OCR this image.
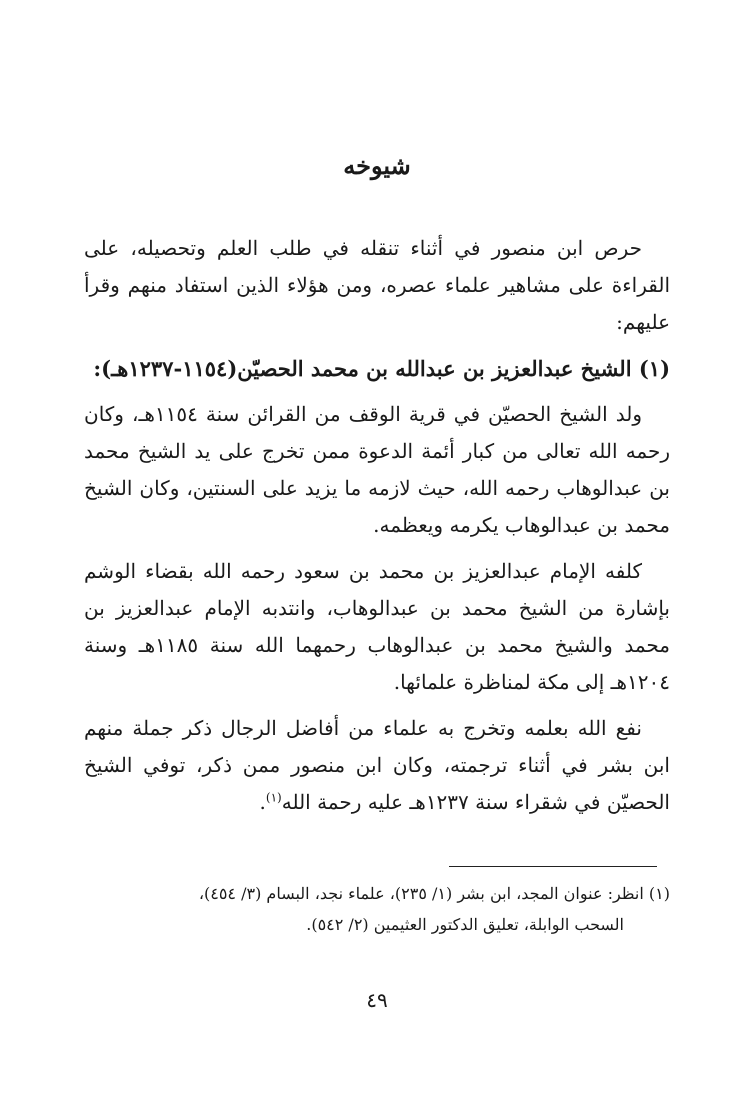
شيوخه

حرص ابن منصور في أثناء تنقله في طلب العلم وتحصيله، على القراءة على مشاهير علماء عصره، ومن هؤلاء الذين استفاد منهم وقرأ عليهم:

(١) الشيخ عبدالعزيز بن عبدالله بن محمد الحصيّن(١١٥٤-١٢٣٧هـ):

ولد الشيخ الحصيّن في قرية الوقف من القرائن سنة ١١٥٤هـ، وكان رحمه الله تعالى من كبار أئمة الدعوة ممن تخرج على يد الشيخ محمد بن عبدالوهاب رحمه الله، حيث لازمه ما يزيد على السنتين، وكان الشيخ محمد بن عبدالوهاب يكرمه ويعظمه.

كلفه الإمام عبدالعزيز بن محمد بن سعود رحمه الله بقضاء الوشم بإشارة من الشيخ محمد بن عبدالوهاب، وانتدبه الإمام عبدالعزيز بن محمد والشيخ محمد بن عبدالوهاب رحمهما الله سنة ١١٨٥هـ وسنة ١٢٠٤هـ إلى مكة لمناظرة علمائها.

نفع الله بعلمه وتخرج به علماء من أفاضل الرجال ذكر جملة منهم ابن بشر في أثناء ترجمته، وكان ابن منصور ممن ذكر، توفي الشيخ الحصيّن في شقراء سنة ١٢٣٧هـ عليه رحمة الله$^{(١)}$.

(١) انظر: عنوان المجد، ابن بشر (١/ ٢٣٥)، علماء نجد، البسام (٣/ ٤٥٤)،

السحب الوابلة، تعليق الدكتور العثيمين (٢/ ٥٤٢).

٤٩
